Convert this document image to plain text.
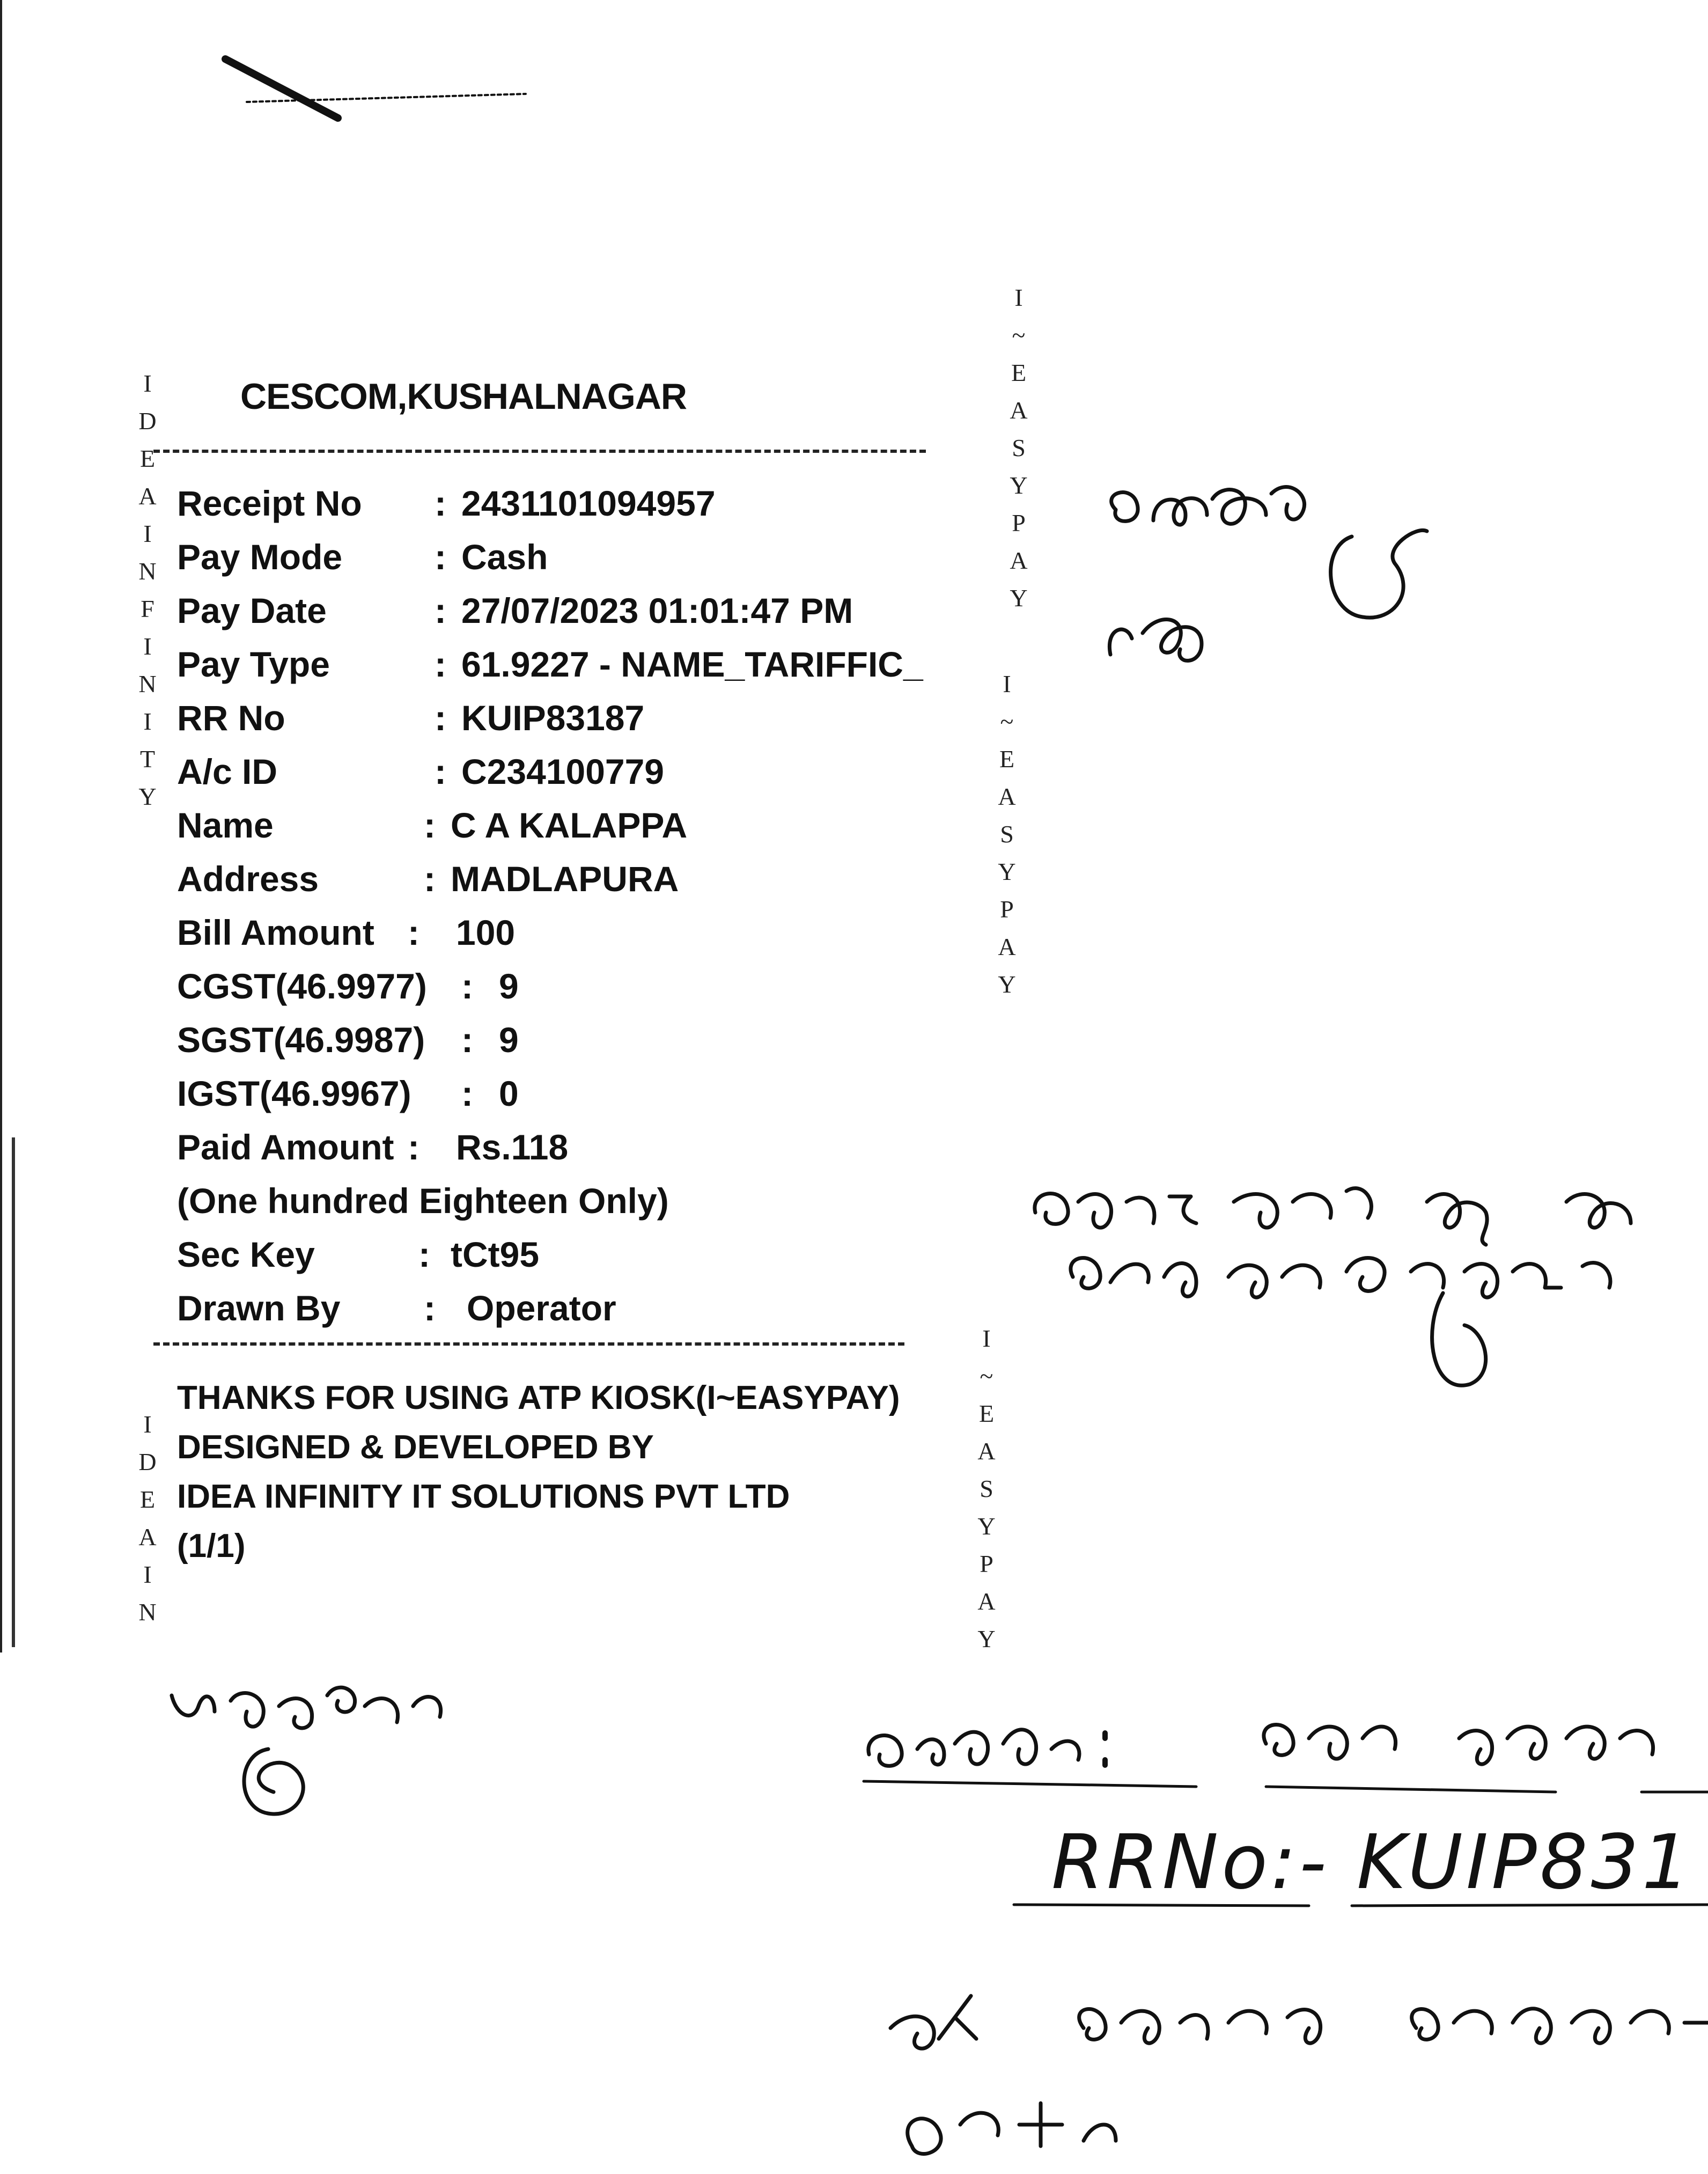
CESCOM,KUSHALNAGAR
Receipt No : 2431101094957
Pay Mode	: Cash
Pay Date	: 27/07/2023 01:01:47 PM
Pay Type	: 61.9227 - NAME_TARIFFIC_
RR No	: KUIP83187
A/c ID	: C234100779
Name	: C A KALAPPA
Address	: MADLAPURA
Bill Amount : 100
CGST(46.9977) : 9
SGST(46.9987) : 9
IGST(46.9967) : 0
Paid Amount : Rs.118
(One hundred Eighteen Only)
Sec Key	: tCt95
Drawn By : Operator
THANKS FOR USING ATP KIOSK(I~EASYPAY)
DESIGNED & DEVELOPED BY
IDEA INFINITY IT SOLUTIONS PVT LTD
(1/1)
I
D
E
A
I
N
F
I
N
I
T
Y
I
D
E
A
I
N
I
~
E
A
S
Y
P
A
Y
I
~
E
A
S
Y
P
A
Y
I
~
E
A
S
Y
P
A
Y
RRNo:- KUIP831
